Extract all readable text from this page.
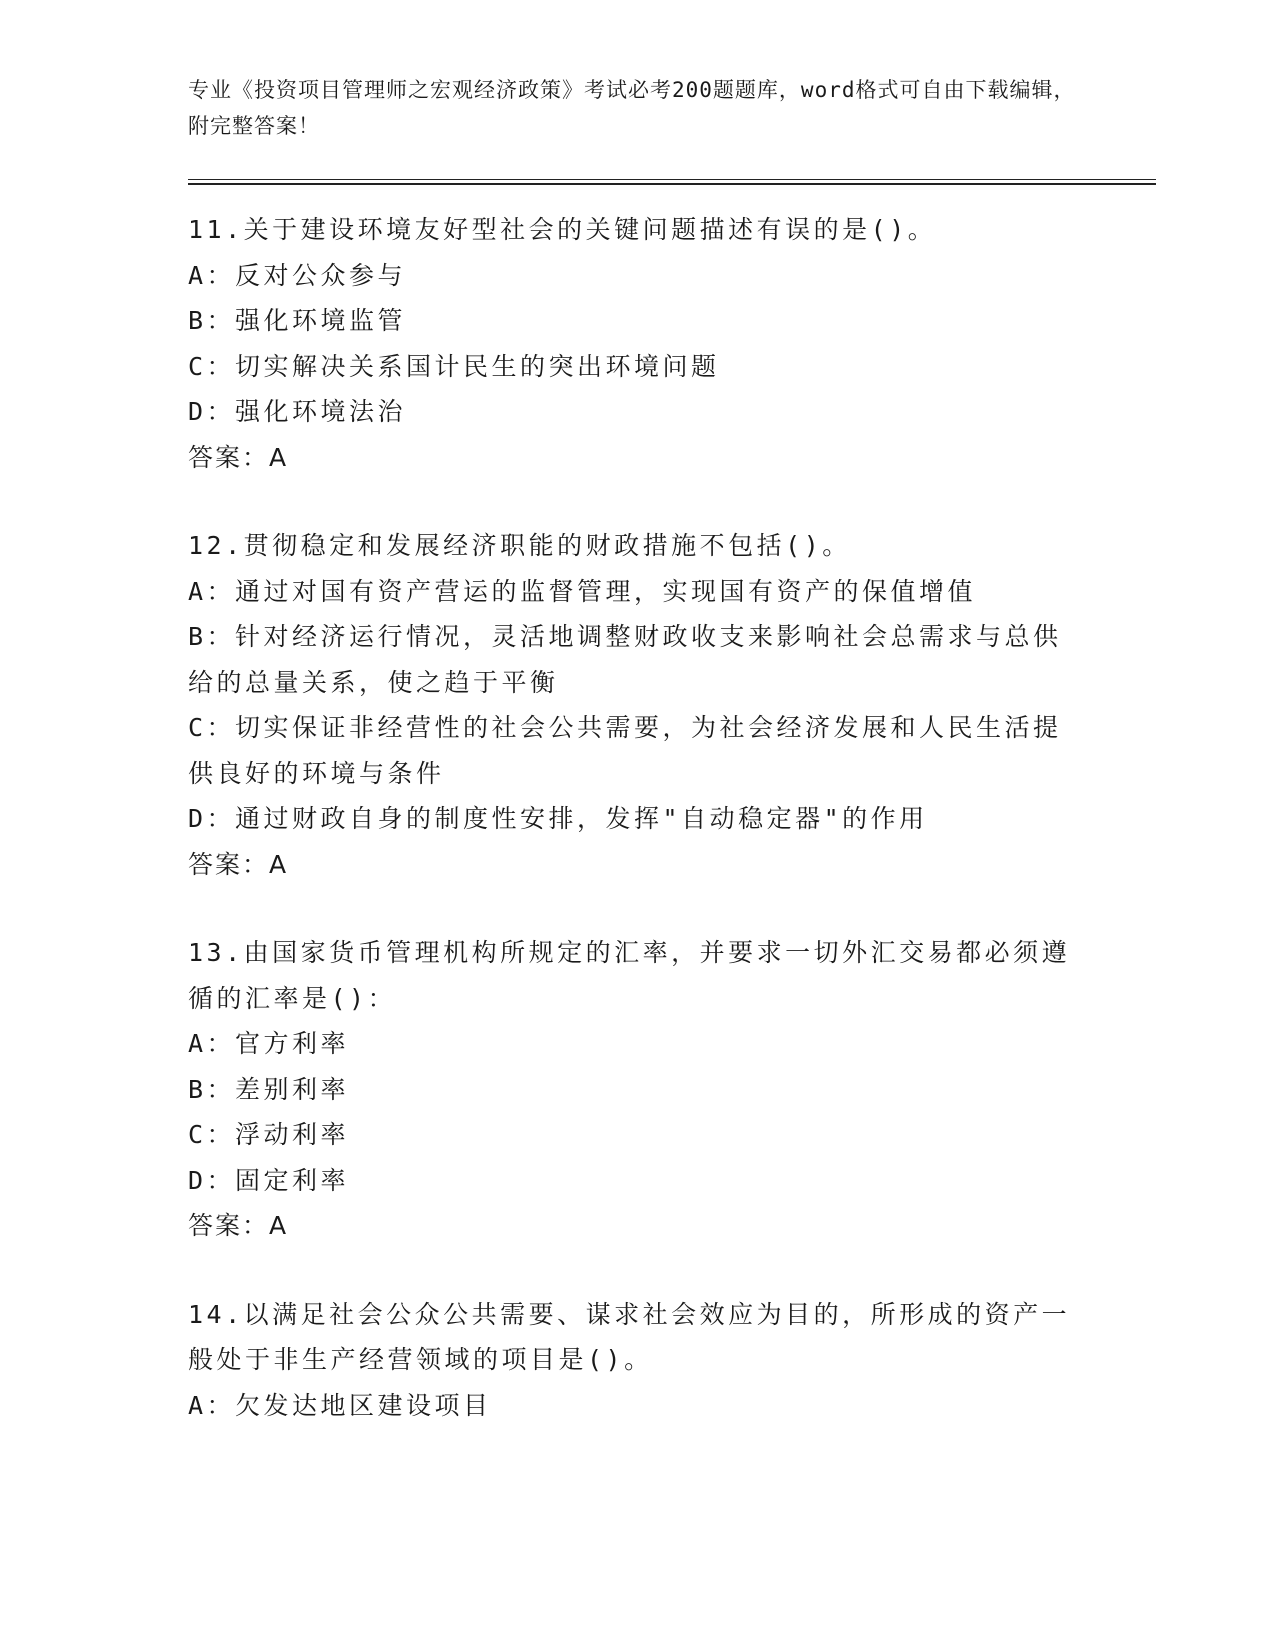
专业《投资项目管理师之宏观经济政策》考试必考200题题库，word格式可自由下载编辑，附完整答案！

11.关于建设环境友好型社会的关键问题描述有误的是()。

A：反对公众参与

B：强化环境监管

C：切实解决关系国计民生的突出环境问题

D：强化环境法治

答案：A

12.贯彻稳定和发展经济职能的财政措施不包括()。

A：通过对国有资产营运的监督管理，实现国有资产的保值增值

B：针对经济运行情况，灵活地调整财政收支来影响社会总需求与总供给的总量关系，使之趋于平衡

C：切实保证非经营性的社会公共需要，为社会经济发展和人民生活提供良好的环境与条件

D：通过财政自身的制度性安排，发挥"自动稳定器"的作用

答案：A

13.由国家货币管理机构所规定的汇率，并要求一切外汇交易都必须遵循的汇率是()：

A：官方利率

B：差别利率

C：浮动利率

D：固定利率

答案：A

14.以满足社会公众公共需要、谋求社会效应为目的，所形成的资产一般处于非生产经营领域的项目是()。

A：欠发达地区建设项目
